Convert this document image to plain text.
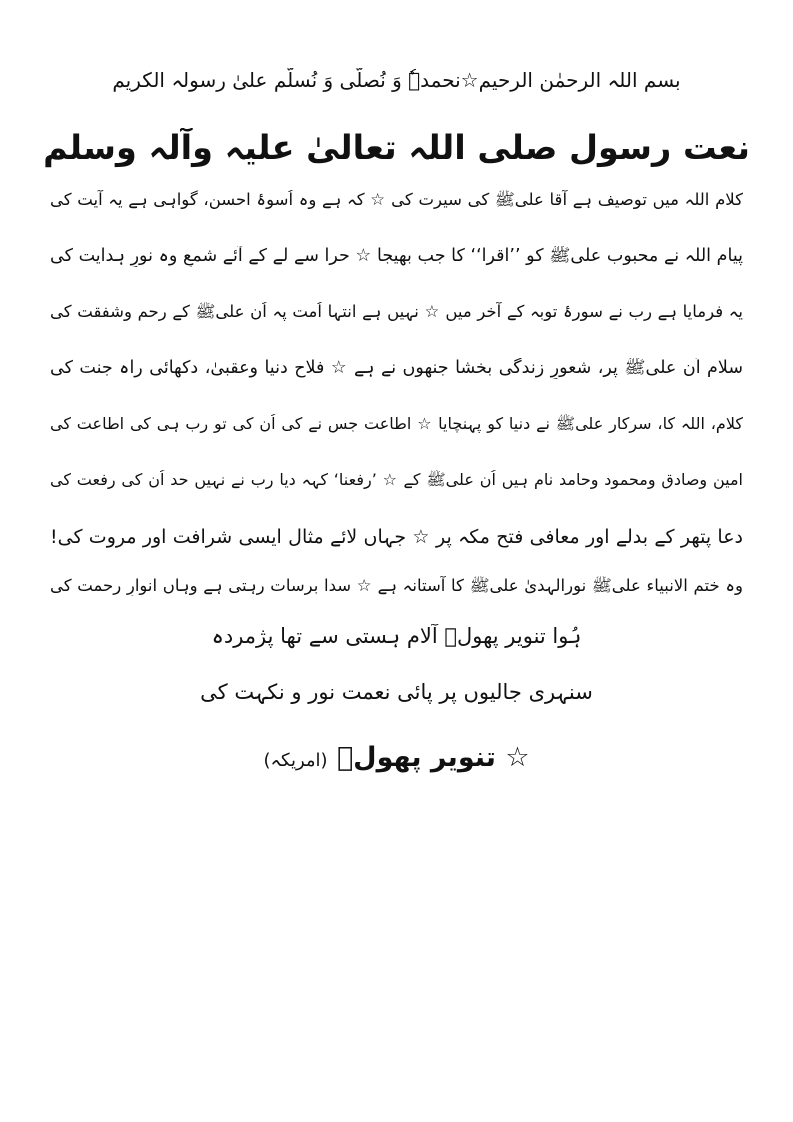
بسم اللہ الرحمٰن الرحیم☆نحمدہٗ وَ نُصلّی وَ نُسلّم علیٰ رسولہ الکریم
نعت رسول صلی اللہ تعالیٰ علیہ وآلہ وسلم
کلام اللہ میں توصیف ہے آقا علیﷺ کی سیرت کی ☆ کہ ہے وہ اُسوۂ احسن، گواہی ہے یہ آیت کی
پیام اللہ نے محبوب علیﷺ کو ’’اقرا‘‘ کا جب بھیجا ☆ حرا سے لے کے آئے شمعِ وہ نورِ ہدایت کی
یہ فرمایا ہے رب نے سورۂ توبہ کے آخر میں ☆ نہیں ہے انتہا اُمت پہ اُن علیﷺ کے رحم وشفقت کی
سلام اُن علیﷺ پر، شعورِ زندگی بخشا جنھوں نے ہے ☆ فلاح دنیا وعقبیٰ، دکھائی راہ جنت کی
کلام، اللہ کا، سرکار علیﷺ نے دنیا کو پہنچایا ☆ اطاعت جس نے کی اُن کی تو رب ہی کی اطاعت کی
امین وصادق ومحمود وحامد نام ہیں اُن علیﷺ کے ☆ ’رفعنا‘ کہہ دیا رب نے نہیں حد اُن کی رفعت کی
دعا پتھر کے بدلے اور معافی فتحِ مکہ پر ☆ جہاں لائے مثال ایسی شرافت اور مروت کی!
وہ ختم الانبیاء علیﷺ نورالہدیٰ علیﷺ کا آستانہ ہے ☆ سدا برسات رہتی ہے وہاں انوارِ رحمت کی
ہُوا تنویر پھولؔ آلامِ ہستی سے تھا پژمردہ
سنہری جالیوں پر پائی نعمت نور و نکہت کی
☆ تنویر پھولؔ (امریکہ)
